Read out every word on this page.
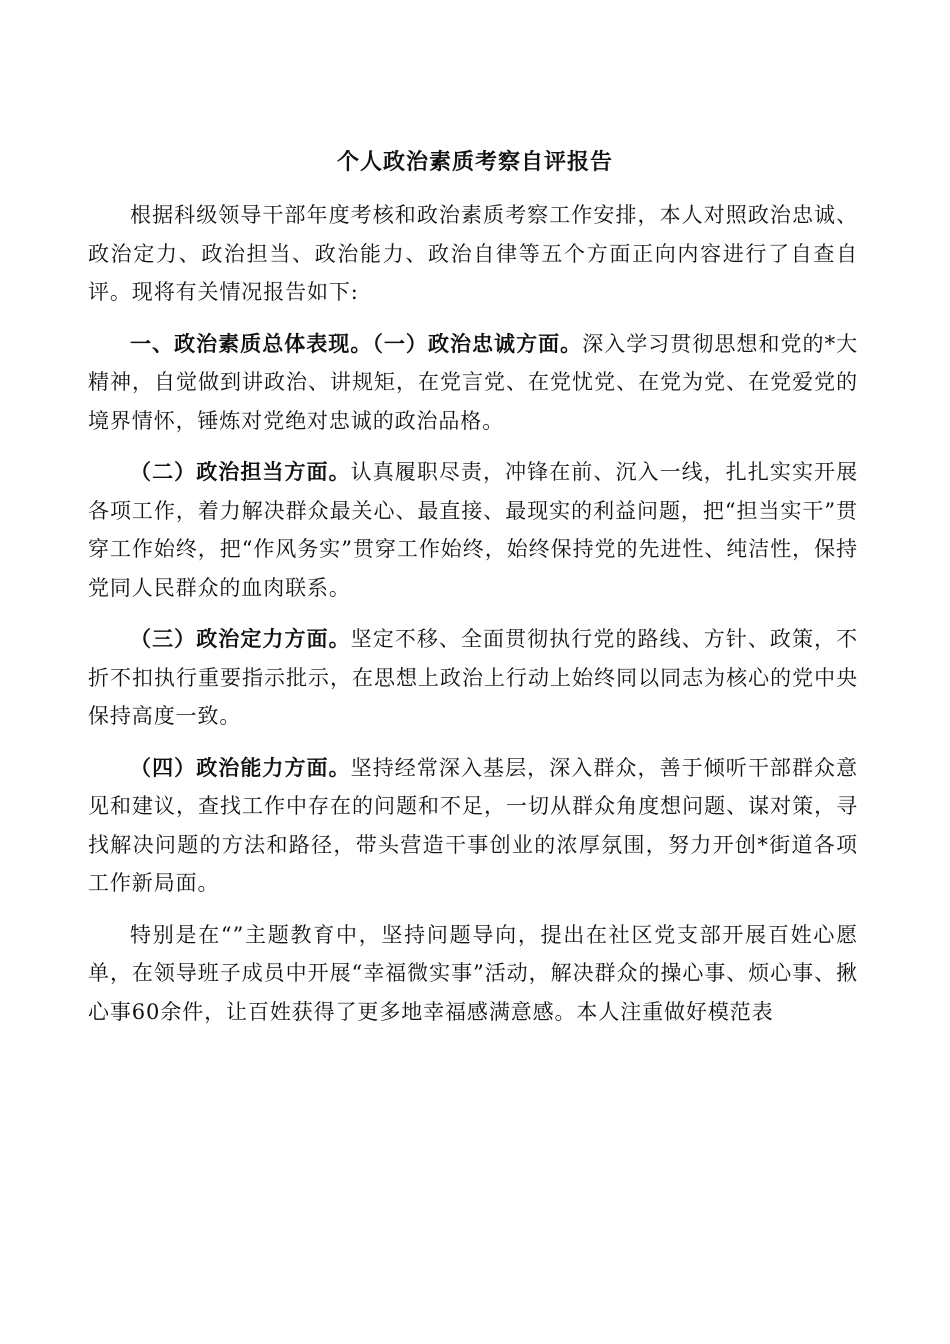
个人政治素质考察自评报告

根据科级领导干部年度考核和政治素质考察工作安排，本人对照政治忠诚、政治定力、政治担当、政治能力、政治自律等五个方面正向内容进行了自查自评。现将有关情况报告如下:

一、政治素质总体表现。（一）政治忠诚方面。深入学习贯彻思想和党的*大精神，自觉做到讲政治、讲规矩，在党言党、在党忧党、在党为党、在党爱党的境界情怀，锤炼对党绝对忠诚的政治品格。

（二）政治担当方面。认真履职尽责，冲锋在前、沉入一线，扎扎实实开展各项工作，着力解决群众最关心、最直接、最现实的利益问题，把“担当实干”贯穿工作始终，把“作风务实”贯穿工作始终，始终保持党的先进性、纯洁性，保持党同人民群众的血肉联系。

（三）政治定力方面。坚定不移、全面贯彻执行党的路线、方针、政策，不折不扣执行重要指示批示，在思想上政治上行动上始终同以同志为核心的党中央保持高度一致。

（四）政治能力方面。坚持经常深入基层，深入群众，善于倾听干部群众意见和建议，查找工作中存在的问题和不足，一切从群众角度想问题、谋对策，寻找解决问题的方法和路径，带头营造干事创业的浓厚氛围，努力开创*街道各项工作新局面。

特别是在“”主题教育中，坚持问题导向，提出在社区党支部开展百姓心愿单，在领导班子成员中开展“幸福微实事”活动，解决群众的操心事、烦心事、揪心事60余件，让百姓获得了更多地幸福感满意感。本人注重做好模范表
